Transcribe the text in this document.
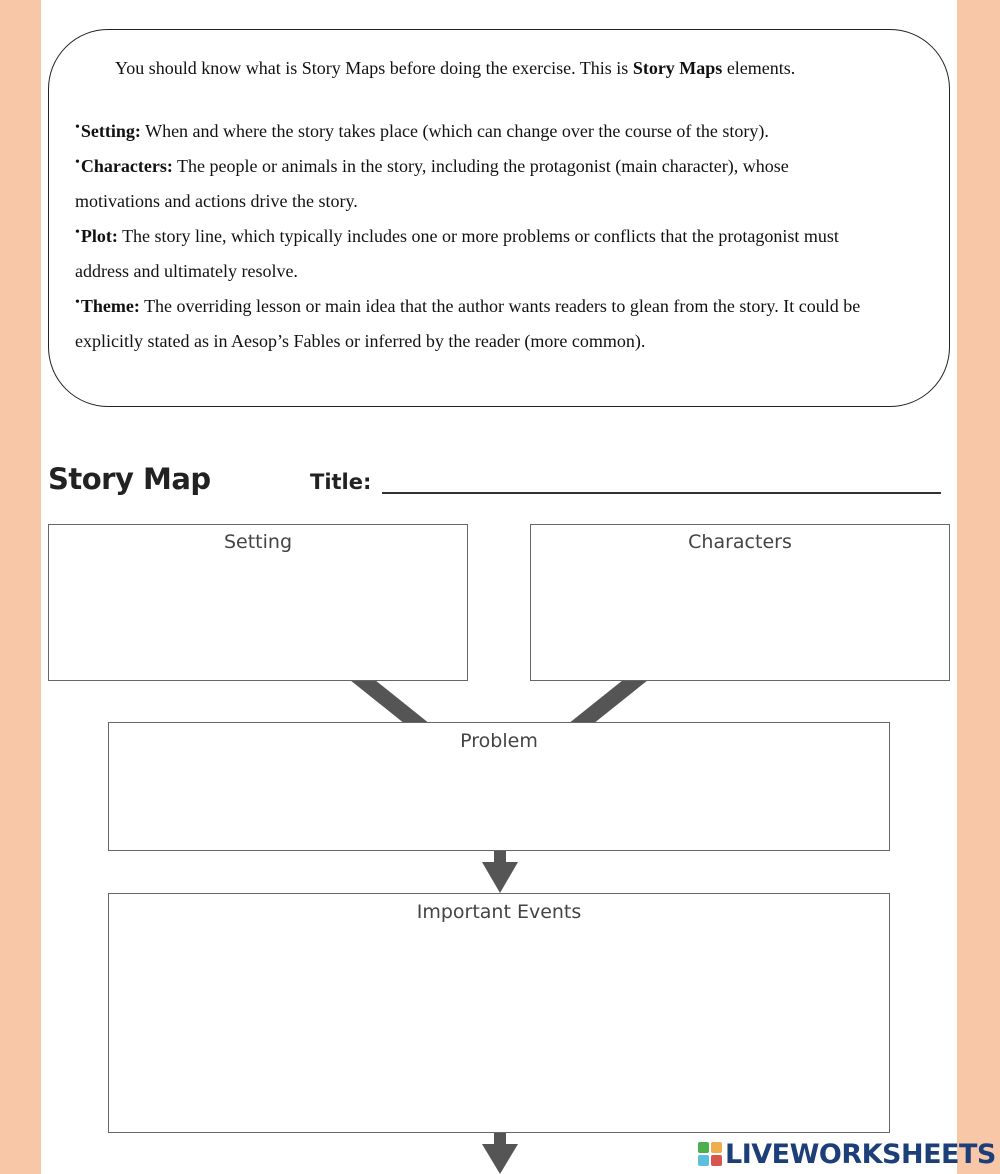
You should know what is Story Maps before doing the exercise. This is Story Maps elements.
•Setting: When and where the story takes place (which can change over the course of the story).
•Characters: The people or animals in the story, including the protagonist (main character), whose
motivations and actions drive the story.
•Plot: The story line, which typically includes one or more problems or conflicts that the protagonist must
address and ultimately resolve.
•Theme: The overriding lesson or main idea that the author wants readers to glean from the story. It could be
explicitly stated as in Aesop’s Fables or inferred by the reader (more common).
Story Map	Title:
Setting	Characters
Problem
Important Events
LIVEWORKSHEETS
